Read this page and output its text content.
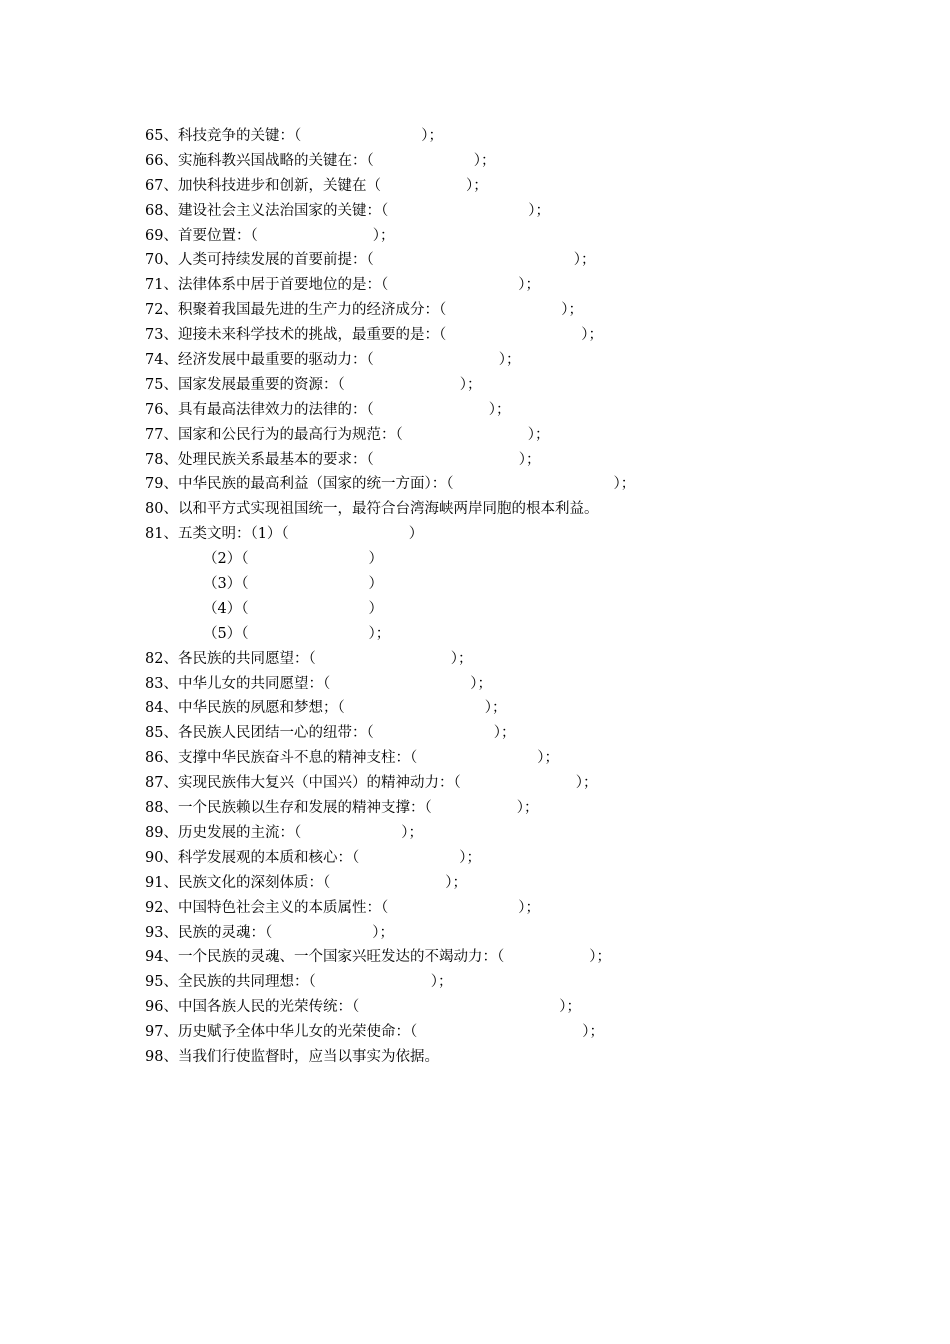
65、科技竞争的关键：（	）；
66、实施科教兴国战略的关键在：（	）；
67、加快科技进步和创新，关键在（	）；
68、建设社会主义法治国家的关键：（	）；
69、首要位置：（	）；
70、人类可持续发展的首要前提：（	）；
71、法律体系中居于首要地位的是：（	）；
72、积聚着我国最先进的生产力的经济成分：（	）；
73、迎接未来科学技术的挑战，最重要的是：（	）；
74、经济发展中最重要的驱动力：（	）；
75、国家发展最重要的资源：（	）；
76、具有最高法律效力的法律的：（	）；
77、国家和公民行为的最高行为规范：（	）；
78、处理民族关系最基本的要求：（	）；
79、中华民族的最高利益（国家的统一方面）：（	）；
80、以和平方式实现祖国统一，最符合台湾海峡两岸同胞的根本利益。
81、五类文明：（1）（	）
（2）（	）
（3）（	）
（4）（	）
（5）（	）；
82、各民族的共同愿望：（	）；
83、中华儿女的共同愿望：（	）；
84、中华民族的夙愿和梦想；（	）；
85、各民族人民团结一心的纽带：（	）；
86、支撑中华民族奋斗不息的精神支柱：（	）；
87、实现民族伟大复兴（中国兴）的精神动力：（	）；
88、一个民族赖以生存和发展的精神支撑：（	）；
89、历史发展的主流：（	）；
90、科学发展观的本质和核心：（	）；
91、民族文化的深刻体质：（	）；
92、中国特色社会主义的本质属性：（	）；
93、民族的灵魂：（	）；
94、一个民族的灵魂、一个国家兴旺发达的不竭动力：（	）；
95、全民族的共同理想：（	）；
96、中国各族人民的光荣传统：（	）；
97、历史赋予全体中华儿女的光荣使命：（	）；
98、当我们行使监督时，应当以事实为依据。
